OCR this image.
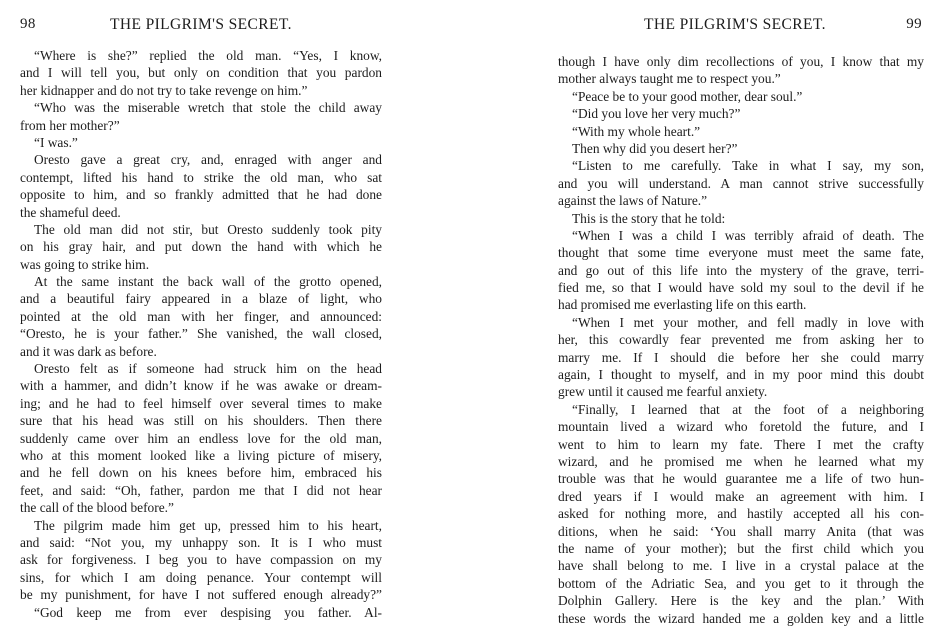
98	THE PILGRIM'S SECRET.
“Where is she?” replied the old man. “Yes, I know,
and I will tell you, but only on condition that you pardon
her kidnapper and do not try to take revenge on him.”
“Who was the miserable wretch that stole the child away
from her mother?”
“I was.”
Oresto gave a great cry, and, enraged with anger and
contempt, lifted his hand to strike the old man, who sat
opposite to him, and so frankly admitted that he had done
the shameful deed.
The old man did not stir, but Oresto suddenly took pity
on his gray hair, and put down the hand with which he
was going to strike him.
At the same instant the back wall of the grotto opened,
and a beautiful fairy appeared in a blaze of light, who
pointed at the old man with her finger, and announced:
“Oresto, he is your father.” She vanished, the wall closed,
and it was dark as before.
Oresto felt as if someone had struck him on the head
with a hammer, and didn’t know if he was awake or dream-
ing; and he had to feel himself over several times to make
sure that his head was still on his shoulders. Then there
suddenly came over him an endless love for the old man,
who at this moment looked like a living picture of misery,
and he fell down on his knees before him, embraced his
feet, and said: “Oh, father, pardon me that I did not hear
the call of the blood before.”
The pilgrim made him get up, pressed him to his heart,
and said: “Not you, my unhappy son. It is I who must
ask for forgiveness. I beg you to have compassion on my
sins, for which I am doing penance. Your contempt will
be my punishment, for have I not suffered enough already?”
“God keep me from ever despising you father. Al-
THE PILGRIM'S SECRET.	99
though I have only dim recollections of you, I know that my
mother always taught me to respect you.”
“Peace be to your good mother, dear soul.”
“Did you love her very much?”
“With my whole heart.”
Then why did you desert her?”
“Listen to me carefully. Take in what I say, my son,
and you will understand. A man cannot strive successfully
against the laws of Nature.”
This is the story that he told:
“When I was a child I was terribly afraid of death. The
thought that some time everyone must meet the same fate,
and go out of this life into the mystery of the grave, terri-
fied me, so that I would have sold my soul to the devil if he
had promised me everlasting life on this earth.
“When I met your mother, and fell madly in love with
her, this cowardly fear prevented me from asking her to
marry me. If I should die before her she could marry
again, I thought to myself, and in my poor mind this doubt
grew until it caused me fearful anxiety.
“Finally, I learned that at the foot of a neighboring
mountain lived a wizard who foretold the future, and I
went to him to learn my fate. There I met the crafty
wizard, and he promised me when he learned what my
trouble was that he would guarantee me a life of two hun-
dred years if I would make an agreement with him. I
asked for nothing more, and hastily accepted all his con-
ditions, when he said: ‘You shall marry Anita (that was
the name of your mother); but the first child which you
have shall belong to me. I live in a crystal palace at the
bottom of the Adriatic Sea, and you get to it through the
Dolphin Gallery. Here is the key and the plan.’ With
these words the wizard handed me a golden key and a little
